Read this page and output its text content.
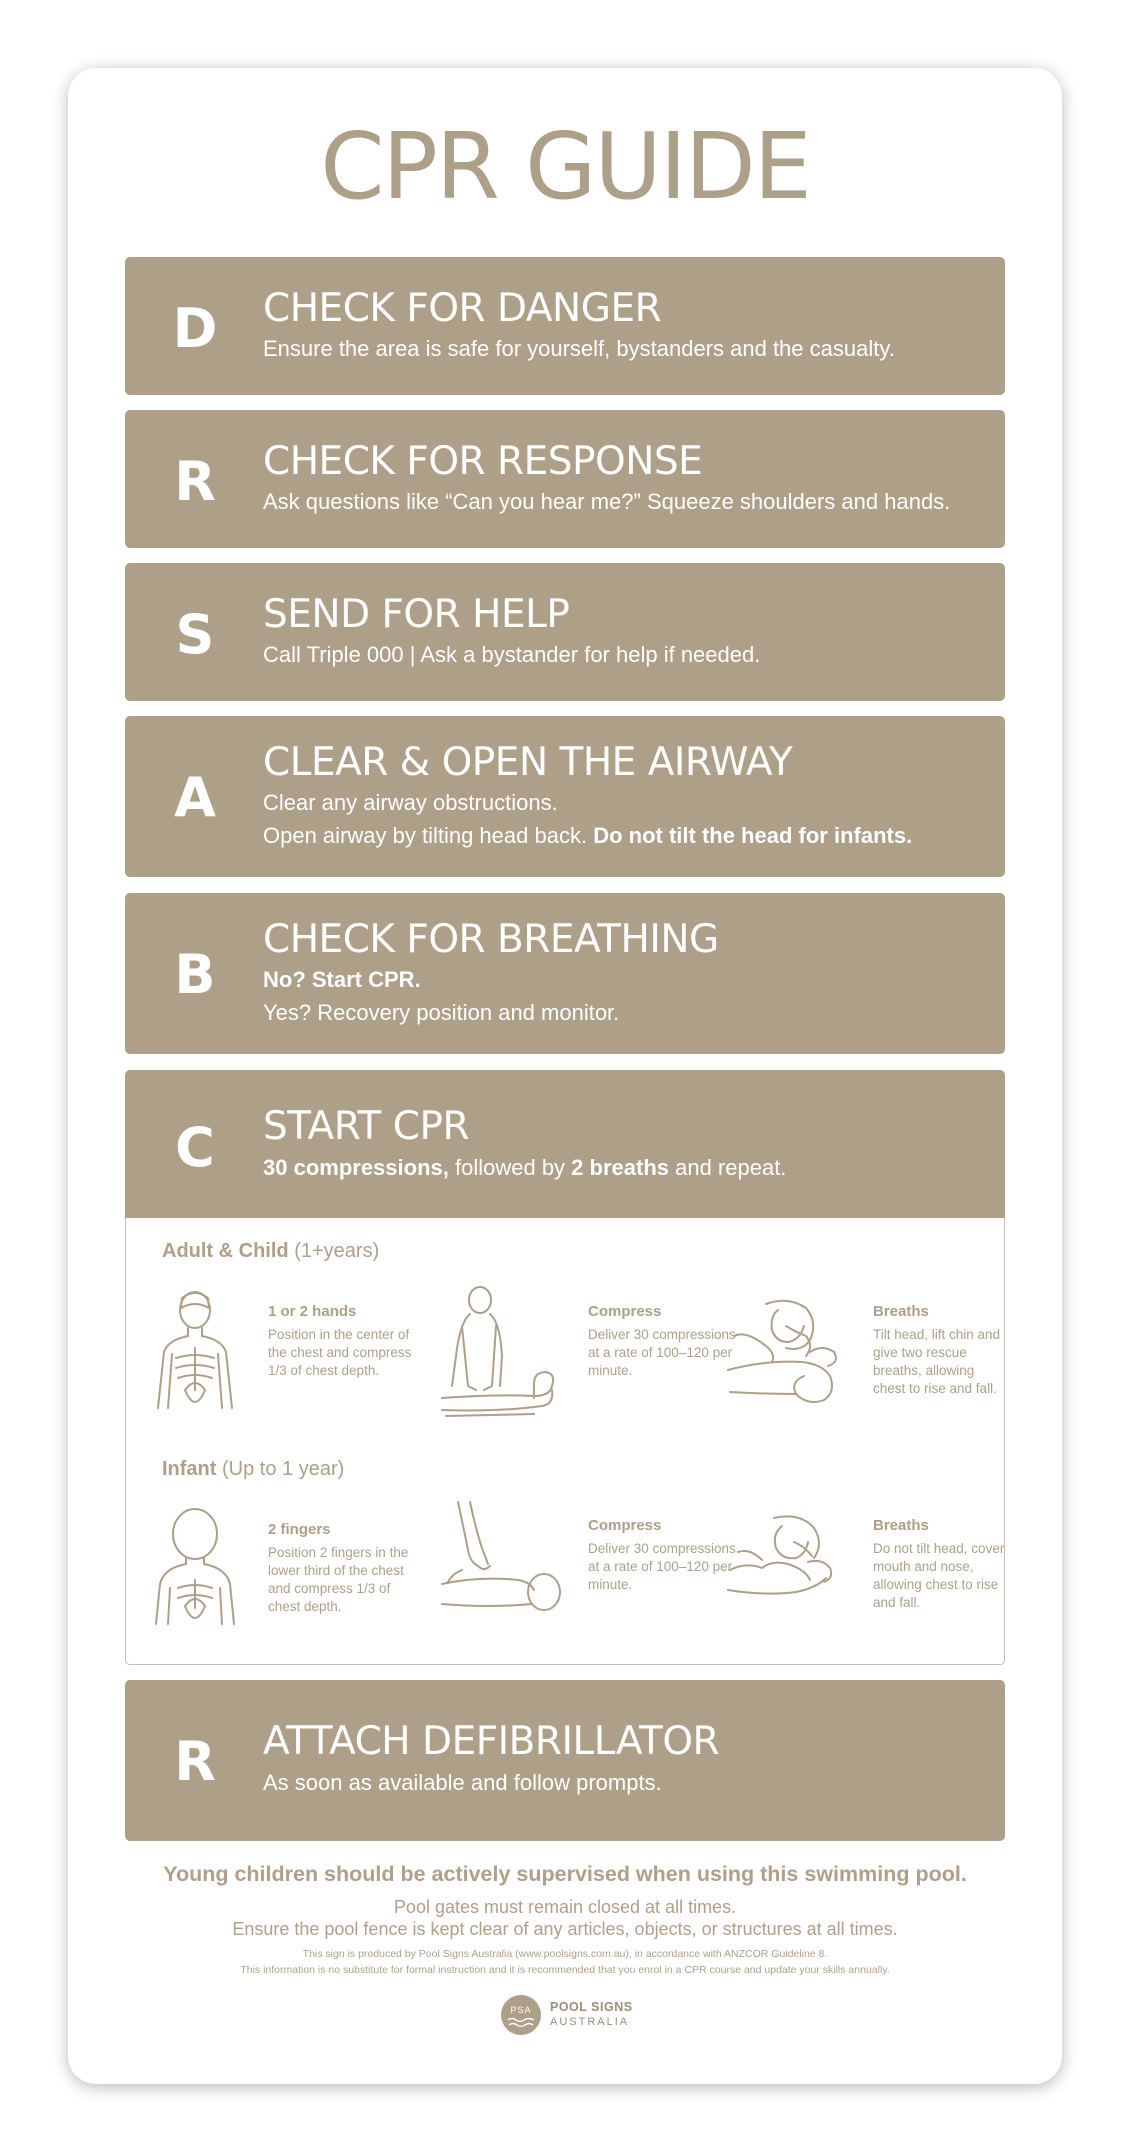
CPR GUIDE
D	CHECK FOR DANGER
Ensure the area is safe for yourself, bystanders and the casualty.
R	CHECK FOR RESPONSE
Ask questions like “Can you hear me?” Squeeze shoulders and hands.
S	SEND FOR HELP
Call Triple 000 | Ask a bystander for help if needed.
A
CLEAR & OPEN THE AIRWAY
Clear any airway obstructions.
Open airway by tilting head back. Do not tilt the head for infants.
B
CHECK FOR BREATHING
No? Start CPR.
Yes? Recovery position and monitor.
C	START CPR
30 compressions, followed by 2 breaths and repeat.
Adult & Child (1+years)
1 or 2 hands
Position in the center of the chest and compress 1/3 of chest depth.
Compress
Deliver 30 compressions at a rate of 100–120 per minute.
Breaths
Tilt head, lift chin and give two rescue breaths, allowing chest to rise and fall.
Infant (Up to 1 year)
2 fingers
Position 2 fingers in the lower third of the chest and compress 1/3 of chest depth.
Compress
Deliver 30 compressions at a rate of 100–120 per minute.
Breaths
Do not tilt head, cover mouth and nose, allowing chest to rise and fall.
R	ATTACH DEFIBRILLATOR
As soon as available and follow prompts.
Young children should be actively supervised when using this swimming pool.
Pool gates must remain closed at all times.
Ensure the pool fence is kept clear of any articles, objects, or structures at all times.
This sign is produced by Pool Signs Australia (www.poolsigns.com.au), in accordance with ANZCOR Guideline 8.
This information is no substitute for formal instruction and it is recommended that you enrol in a CPR course and update your skills annually.
PSA POOL SIGNS
AUSTRALIA
